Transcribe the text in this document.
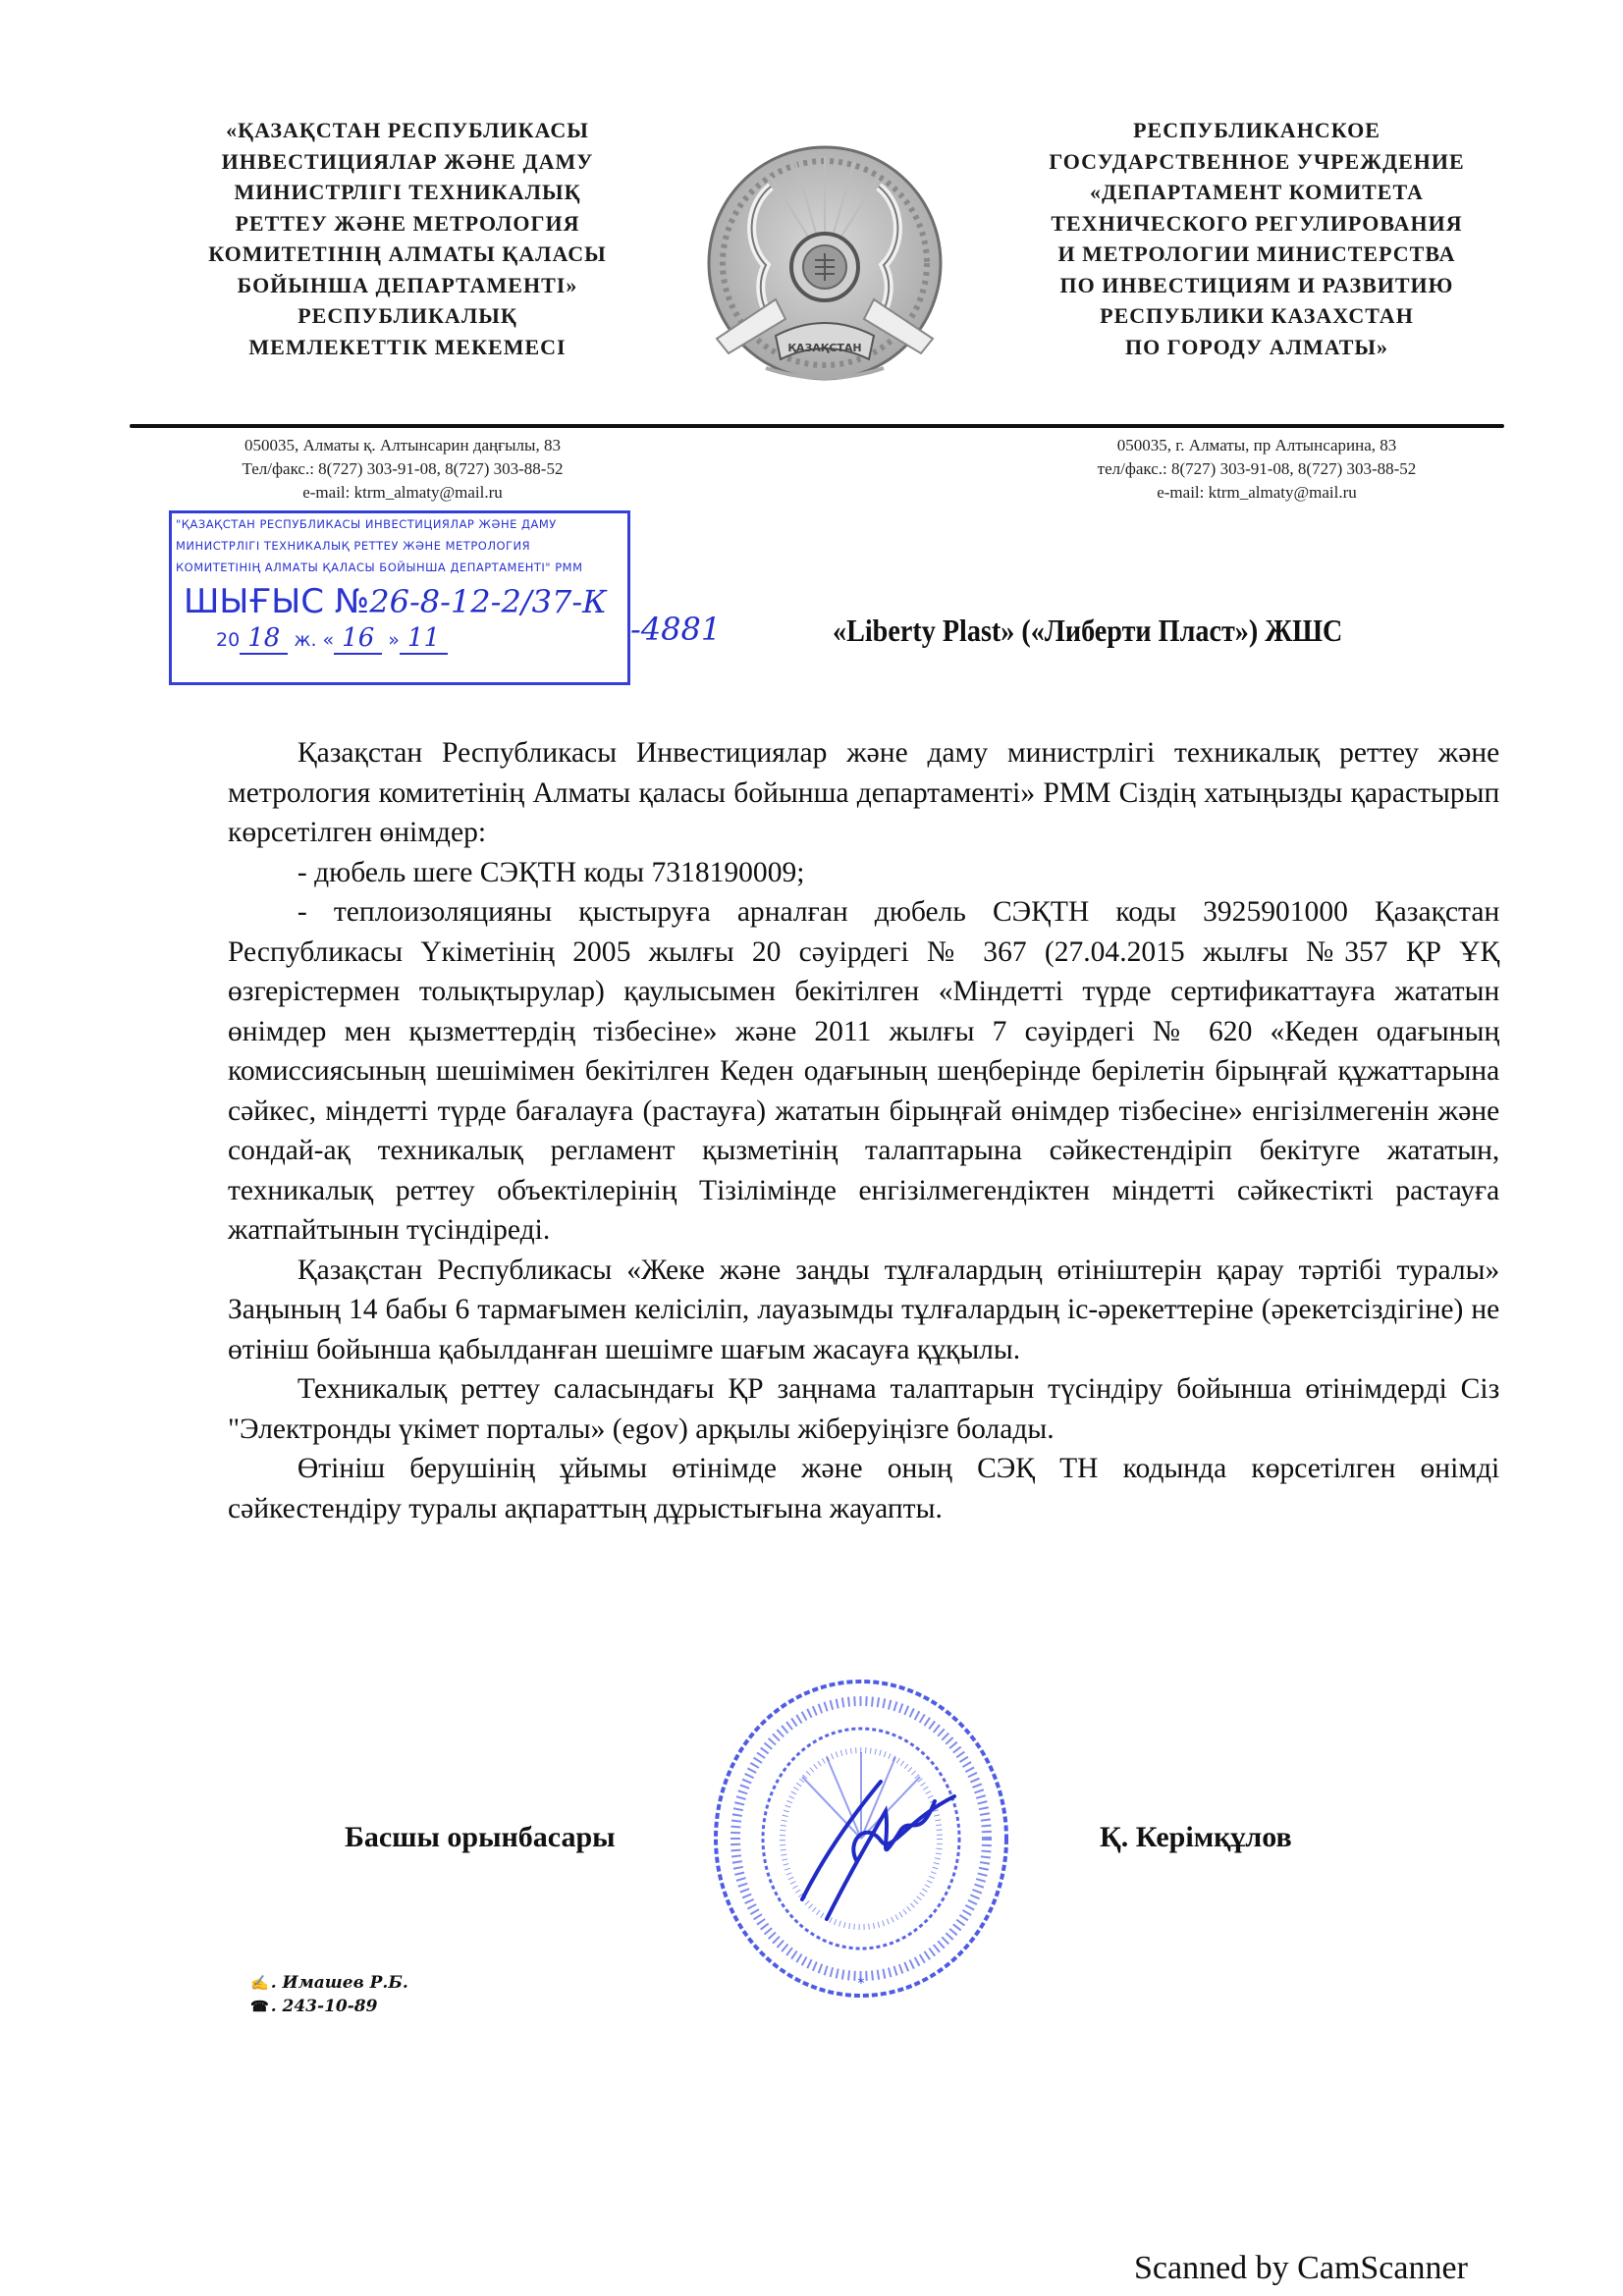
«ҚАЗАҚСТАН РЕСПУБЛИКАСЫ
ИНВЕСТИЦИЯЛАР ЖӘНЕ ДАМУ
МИНИСТРЛІГІ ТЕХНИКАЛЫҚ
РЕТТЕУ ЖӘНЕ МЕТРОЛОГИЯ
КОМИТЕТІНІҢ АЛМАТЫ ҚАЛАСЫ
БОЙЫНША ДЕПАРТАМЕНТІ»
РЕСПУБЛИКАЛЫҚ
МЕМЛЕКЕТТІК МЕКЕМЕСІ	ҚАЗАҚСТАН
РЕСПУБЛИКАНСКОЕ
ГОСУДАРСТВЕННОЕ УЧРЕЖДЕНИЕ
«ДЕПАРТАМЕНТ КОМИТЕТА
ТЕХНИЧЕСКОГО РЕГУЛИРОВАНИЯ
И МЕТРОЛОГИИ МИНИСТЕРСТВА
ПО ИНВЕСТИЦИЯМ И РАЗВИТИЮ
РЕСПУБЛИКИ КАЗАХСТАН
ПО ГОРОДУ АЛМАТЫ»
050035, Алматы қ. Алтынсарин даңғылы, 83
Тел/факс.: 8(727) 303-91-08, 8(727) 303-88-52
e-mail: ktrm_almaty@mail.ru
050035, г. Алматы, пр Алтынсарина, 83
тел/факс.: 8(727) 303-91-08, 8(727) 303-88-52
e-mail: ktrm_almaty@mail.ru
"ҚАЗАҚСТАН РЕСПУБЛИКАСЫ ИНВЕСТИЦИЯЛАР ЖӘНЕ ДАМУ
МИНИСТРЛІГІ ТЕХНИКАЛЫҚ РЕТТЕУ ЖӘНЕ МЕТРОЛОГИЯ
КОМИТЕТІНІҢ АЛМАТЫ ҚАЛАСЫ БОЙЫНША ДЕПАРТАМЕНТІ" РММ
ШЫҒЫС №26-8-12-2/37-К
20 18 ж. « 16 » 11	-4881	«Liberty Plast» («Либерти Пласт») ЖШС

Қазақстан Республикасы Инвестициялар және даму министрлігі техникалық реттеу және метрология комитетінің Алматы қаласы бойынша департаменті» РММ Сіздің хатыңызды қарастырып көрсетілген өнімдер:

- дюбель шеге СЭҚТН коды 7318190009;

- теплоизоляцияны қыстыруға арналған дюбель СЭҚТН коды 3925901000 Қазақстан Республикасы Үкіметінің 2005 жылғы 20 сәуірдегі № 367 (27.04.2015 жылғы №357 ҚР ҰҚ өзгерістермен толықтырулар) қаулысымен бекітілген «Міндетті түрде сертификаттауға жататын өнімдер мен қызметтердің тізбесіне» және 2011 жылғы 7 сәуірдегі № 620 «Кеден одағының комиссиясының шешімімен бекітілген Кеден одағының шеңберінде берілетін бірыңғай құжаттарына сәйкес, міндетті түрде бағалауға (растауға) жататын бірыңғай өнімдер тізбесіне» енгізілмегенін және сондай-ақ техникалық регламент қызметінің талаптарына сәйкестендіріп бекітуге жататын, техникалық реттеу объектілерінің Тізілімінде енгізілмегендіктен міндетті сәйкестікті растауға жатпайтынын түсіндіреді.

Қазақстан Республикасы «Жеке және заңды тұлғалардың өтініштерін қарау тәртібі туралы» Заңының 14 бабы 6 тармағымен келісіліп, лауазымды тұлғалардың іс-әрекеттеріне (әрекетсіздігіне) не өтініш бойынша қабылданған шешімге шағым жасауға құқылы.

Техникалық реттеу саласындағы ҚР заңнама талаптарын түсіндіру бойынша өтінімдерді Сіз "Электронды үкімет порталы» (egov) арқылы жіберуіңізге болады.

Өтініш берушінің ұйымы өтінімде және оның СЭҚ ТН кодында көрсетілген өнімді сәйкестендіру туралы ақпараттың дұрыстығына жауапты.

*
Басшы орынбасары	Қ. Керімқұлов
✍ . Имашев Р.Б.
☎ . 243-10-89
Scanned by CamScanner
